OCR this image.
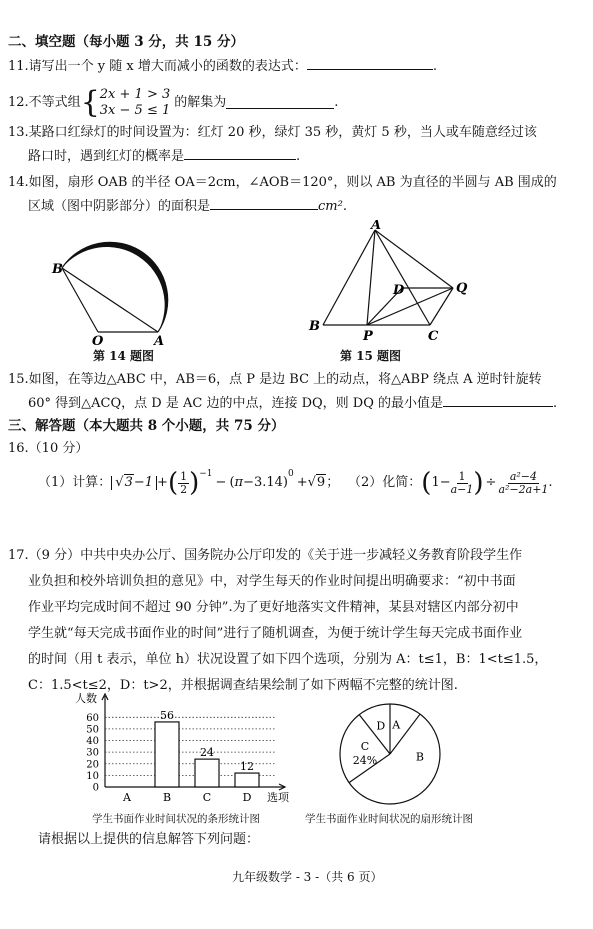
二、填空题（每小题 3 分，共 15 分）
11.请写出一个 y 随 x 增大而减小的函数的表达式：	.
12.不等式组 { 2x + 1 > 3
3x − 5 ≤ 1
的解集为	.
13.某路口红绿灯的时间设置为：红灯 20 秒，绿灯 35 秒，黄灯 5 秒，当人或车随意经过该
路口时，遇到红灯的概率是	.
14.如图，扇形 OAB 的半径 OA＝2cm，∠AOB＝120°，则以 AB 为直径的半圆与 AB 围成的
区域（图中阴影部分）的面积是	cm².
B
O	A
第 14 题图
A
B
C
D
P
Q
第 15 题图
15.如图，在等边△ABC 中，AB＝6，点 P 是边 BC 上的动点，将△ABP 绕点 A 逆时针旋转
60° 得到△ACQ，点 D 是 AC 边的中点，连接 DQ，则 DQ 的最小值是	.
三、解答题（本大题共 8 个小题，共 75 分）
16.（10 分）
（1）计算： √3−1 + ( $\frac{1}{2} )^{-1}$
− ( π −3.14)
$^0$
+ √9 ； （2）化简： ( $1- \frac{1}{a-1}$ ) ÷ $\frac{\text{a²−4}}{\text{a²−2a+1}}$ .
17.（9 分）中共中央办公厅、国务院办公厅印发的《关于进一步减轻义务教育阶段学生作
业负担和校外培训负担的意见》中，对学生每天的作业时间提出明确要求：“初中书面
作业平均完成时间不超过 90 分钟”.为了更好地落实文件精神，某县对辖区内部分初中
学生就“每天完成书面作业的时间”进行了随机调查，为便于统计学生每天完成书面作业
的时间（用 t 表示，单位 h）状况设置了如下四个选项，分别为 A：t≤1，B：1<t≤1.5，
C：1.5<t≤2，D：t>2，并根据调查结果绘制了如下两幅不完整的统计图.
人数
0
10
20
30
40
50
60
A
56
B
24
C
12
D 选项
学生书面作业时间状况的条形统计图
A
B
C
24%
D
学生书面作业时间状况的扇形统计图
请根据以上提供的信息解答下列问题：
九年级数学 - 3 -（共 6 页）
